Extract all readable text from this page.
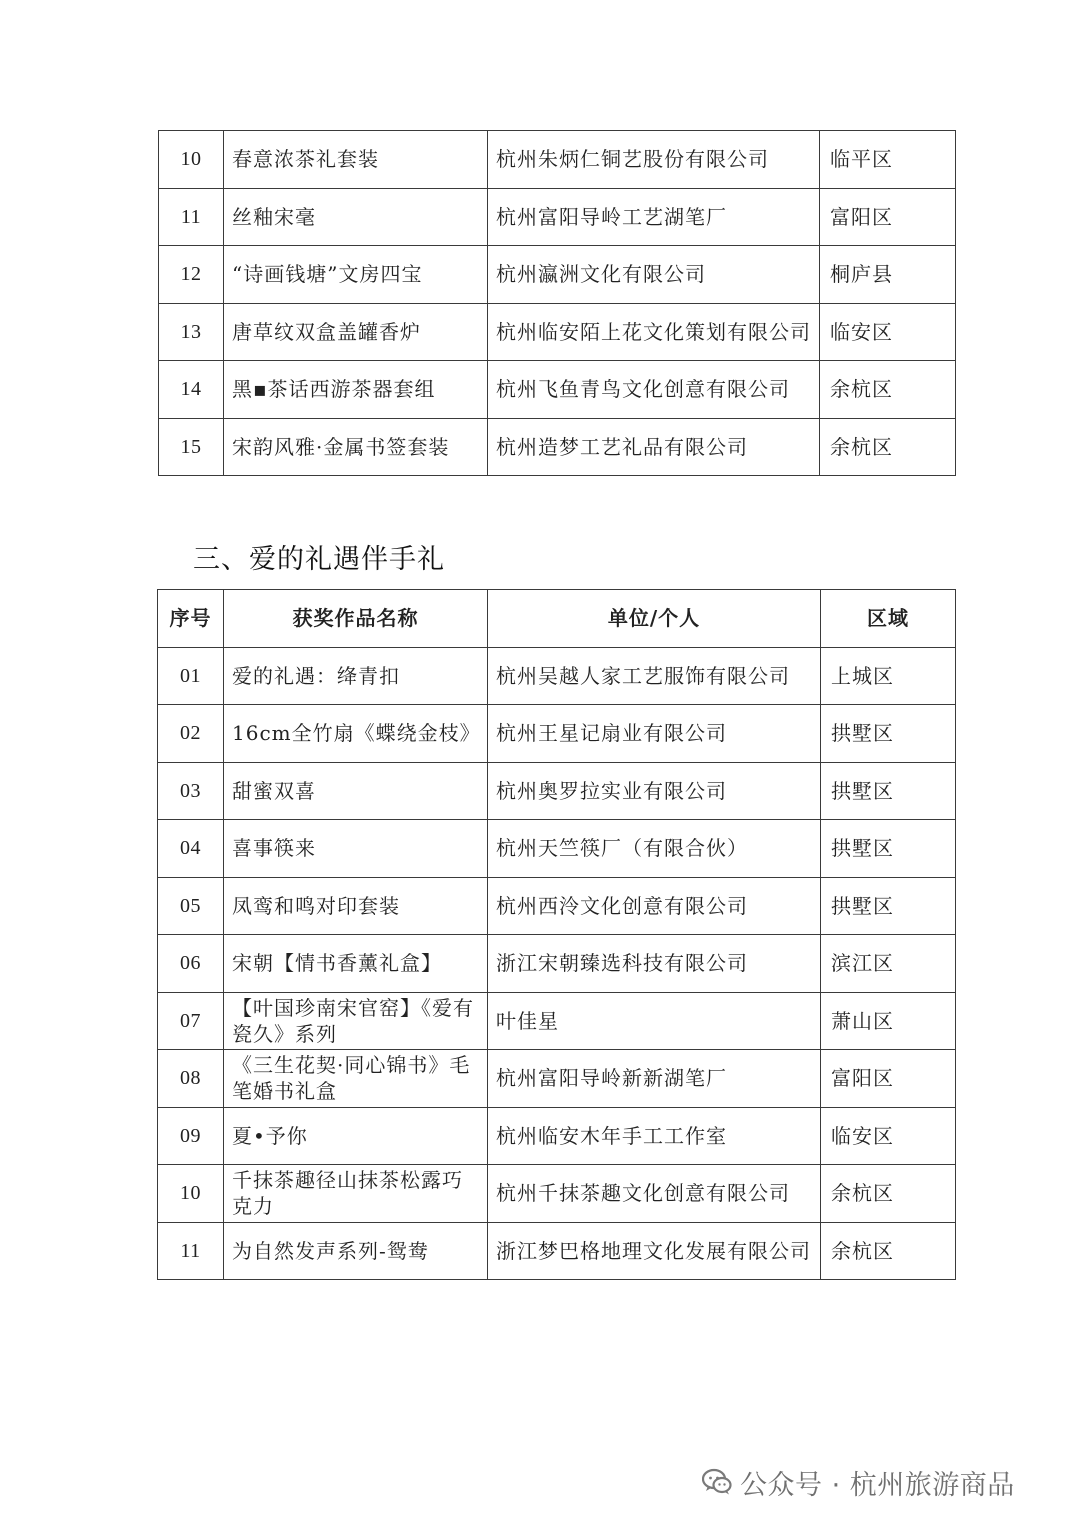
10	春意浓茶礼套装	杭州朱炳仁铜艺股份有限公司	临平区
11	丝釉宋毫	杭州富阳导岭工艺湖笔厂	富阳区
12	“诗画钱塘”文房四宝	杭州瀛洲文化有限公司	桐庐县
13	唐草纹双盒盖罐香炉	杭州临安陌上花文化策划有限公司	临安区
14	黑▪茶话西游茶器套组	杭州飞鱼青鸟文化创意有限公司	余杭区
15	宋韵风雅·金属书签套装	杭州造梦工艺礼品有限公司	余杭区
三、爱的礼遇伴手礼
序号	获奖作品名称	单位/个人	区域
01	爱的礼遇：绛青扣	杭州吴越人家工艺服饰有限公司	上城区
02	16cm全竹扇《蝶绕金枝》	杭州王星记扇业有限公司	拱墅区
03	甜蜜双喜	杭州奥罗拉实业有限公司	拱墅区
04	喜事筷来	杭州天竺筷厂（有限合伙）	拱墅区
05	凤鸾和鸣对印套装	杭州西泠文化创意有限公司	拱墅区
06	宋朝【情书香薰礼盒】	浙江宋朝臻选科技有限公司	滨江区
07	【叶国珍南宋官窑】《爱有瓷久》系列	叶佳星	萧山区
08	《三生花契·同心锦书》毛笔婚书礼盒	杭州富阳导岭新新湖笔厂	富阳区
09	夏•予你	杭州临安木年手工工作室	临安区
10	千抹茶趣径山抹茶松露巧克力	杭州千抹茶趣文化创意有限公司	余杭区
11	为自然发声系列-鸳鸯	浙江梦巴格地理文化发展有限公司	余杭区
公众号 · 杭州旅游商品
